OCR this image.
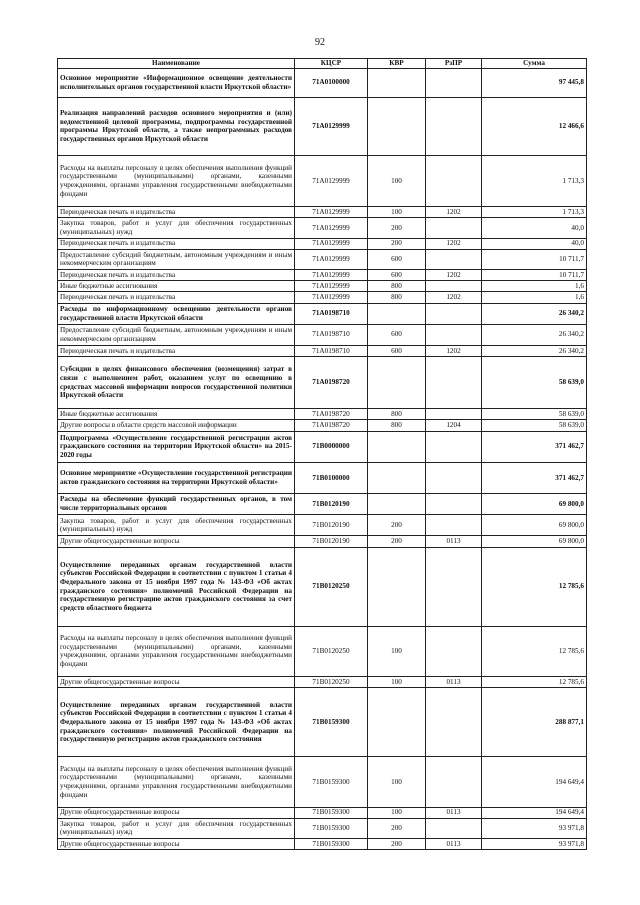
92
Наименование	КЦСР	КВР	РзПР	Сумма
Основное мероприятие «Информационное освещение деятельности исполнительных органов государственной власти Иркутской области»	71А0100000			97 445,8
Реализация направлений расходов основного мероприятия и (или) ведомственной целевой программы, подпрограммы государственной программы Иркутской области, а также непрограммных расходов государственных органов Иркутской области	71А0129999			12 466,6
Расходы на выплаты персоналу в целях обеспечения выполнения функций государственными (муниципальными) органами, казенными учреждениями, органами управления государственными внебюджетными фондами	71А0129999	100		1 713,3
Периодическая печать и издательства	71А0129999	100	1202	1 713,3
Закупка товаров, работ и услуг для обеспечения государственных (муниципальных) нужд	71А0129999	200		40,0
Периодическая печать и издательства	71А0129999	200	1202	40,0
Предоставление субсидий бюджетным, автономным учреждениям и иным некоммерческим организациям	71А0129999	600		10 711,7
Периодическая печать и издательства	71А0129999	600	1202	10 711,7
Иные бюджетные ассигнования	71А0129999	800		1,6
Периодическая печать и издательства	71А0129999	800	1202	1,6
Расходы по информационному освещению деятельности органов государственной власти Иркутской области	71А0198710			26 340,2
Предоставление субсидий бюджетным, автономным учреждениям и иным некоммерческим организациям	71А0198710	600		26 340,2
Периодическая печать и издательства	71А0198710	600	1202	26 340,2
Субсидии в целях финансового обеспечения (возмещения) затрат в связи с выполнением работ, оказанием услуг по освещению в средствах массовой информации вопросов государственной политики Иркутской области	71А0198720			58 639,0
Иные бюджетные ассигнования	71А0198720	800		58 639,0
Другие вопросы в области средств массовой информации	71А0198720	800	1204	58 639,0
Подпрограмма «Осуществление государственной регистрации актов гражданского состояния на территории Иркутской области» на 2015-2020 годы	71В0000000			371 462,7
Основное мероприятие «Осуществление государственной регистрации актов гражданского состояния на территории Иркутской области»	71В0100000			371 462,7
Расходы на обеспечение функций государственных органов, в том числе территориальных органов	71В0120190			69 800,0
Закупка товаров, работ и услуг для обеспечения государственных (муниципальных) нужд	71В0120190	200		69 800,0
Другие общегосударственные вопросы	71В0120190	200	0113	69 800,0
Осуществление переданных органам государственной власти субъектов Российской Федерации в соответствии с пунктом 1 статьи 4 Федерального закона от 15 ноября 1997 года № 143-ФЗ «Об актах гражданского состояния» полномочий Российской Федерации на государственную регистрацию актов гражданского состояния за счет средств областного бюджета	71В0120250			12 785,6
Расходы на выплаты персоналу в целях обеспечения выполнения функций государственными (муниципальными) органами, казенными учреждениями, органами управления государственными внебюджетными фондами	71В0120250	100		12 785,6
Другие общегосударственные вопросы	71В0120250	100	0113	12 785,6
Осуществление переданных органам государственной власти субъектов Российской Федерации в соответствии с пунктом 1 статьи 4 Федерального закона от 15 ноября 1997 года № 143-ФЗ «Об актах гражданского состояния» полномочий Российской Федерации на государственную регистрацию актов гражданского состояния	71В0159300			288 877,1
Расходы на выплаты персоналу в целях обеспечения выполнения функций государственными (муниципальными) органами, казенными учреждениями, органами управления государственными внебюджетными фондами	71В0159300	100		194 649,4
Другие общегосударственные вопросы	71В0159300	100	0113	194 649,4
Закупка товаров, работ и услуг для обеспечения государственных (муниципальных) нужд	71В0159300	200		93 971,8
Другие общегосударственные вопросы	71В0159300	200	0113	93 971,8
